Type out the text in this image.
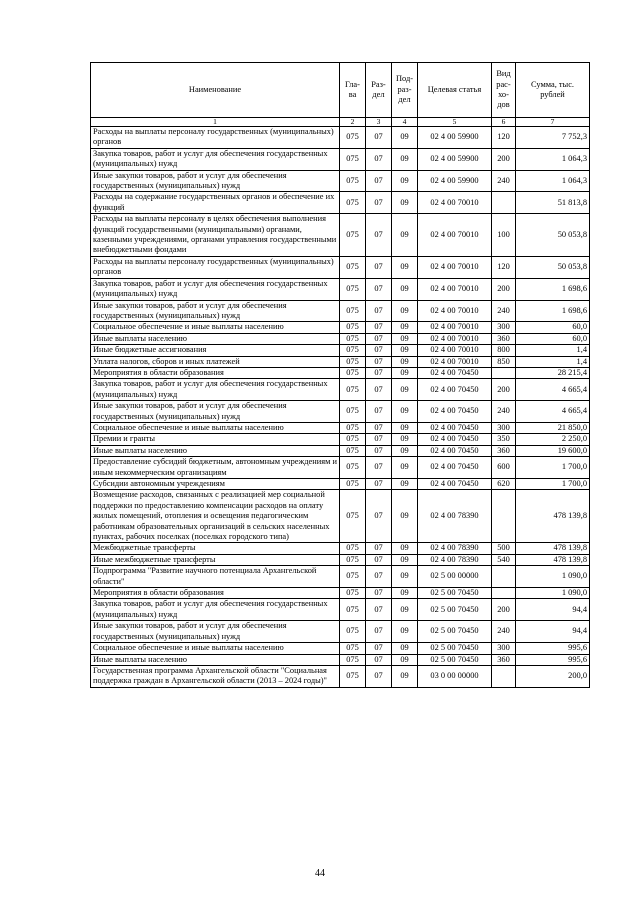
Наименование	Гла-ва	Раз-дел	Под-раз-дел	Целевая статья	Вид рас-хо-дов	Сумма, тыс. рублей
1	2	3	4	5	6	7
Расходы на выплаты персоналу государственных (муниципальных) органов	075	07	09	02 4 00 59900	120	7 752,3
Закупка товаров, работ и услуг для обеспечения государственных (муниципальных) нужд	075	07	09	02 4 00 59900	200	1 064,3
Иные закупки товаров, работ и услуг для обеспечения государственных (муниципальных) нужд	075	07	09	02 4 00 59900	240	1 064,3
Расходы на содержание государственных органов и обеспечение их функций	075	07	09	02 4 00 70010		51 813,8
Расходы на выплаты персоналу в целях обеспечения выполнения функций государственными (муниципальными) органами, казенными учреждениями, органами управления государственными внебюджетными фондами	075	07	09	02 4 00 70010	100	50 053,8
Расходы на выплаты персоналу государственных (муниципальных) органов	075	07	09	02 4 00 70010	120	50 053,8
Закупка товаров, работ и услуг для обеспечения государственных (муниципальных) нужд	075	07	09	02 4 00 70010	200	1 698,6
Иные закупки товаров, работ и услуг для обеспечения государственных (муниципальных) нужд	075	07	09	02 4 00 70010	240	1 698,6
Социальное обеспечение и иные выплаты населению	075	07	09	02 4 00 70010	300	60,0
Иные выплаты населению	075	07	09	02 4 00 70010	360	60,0
Иные бюджетные ассигнования	075	07	09	02 4 00 70010	800	1,4
Уплата налогов, сборов и иных платежей	075	07	09	02 4 00 70010	850	1,4
Мероприятия в области образования	075	07	09	02 4 00 70450		28 215,4
Закупка товаров, работ и услуг для обеспечения государственных (муниципальных) нужд	075	07	09	02 4 00 70450	200	4 665,4
Иные закупки товаров, работ и услуг для обеспечения государственных (муниципальных) нужд	075	07	09	02 4 00 70450	240	4 665,4
Социальное обеспечение и иные выплаты населению	075	07	09	02 4 00 70450	300	21 850,0
Премии и гранты	075	07	09	02 4 00 70450	350	2 250,0
Иные выплаты населению	075	07	09	02 4 00 70450	360	19 600,0
Предоставление субсидий бюджетным, автономным учреждениям и иным некоммерческим организациям	075	07	09	02 4 00 70450	600	1 700,0
Субсидии автономным учреждениям	075	07	09	02 4 00 70450	620	1 700,0
Возмещение расходов, связанных с реализацией мер социальной поддержки по предоставлению компенсации расходов на оплату жилых помещений, отопления и освещения педагогическим работникам образовательных организаций в сельских населенных пунктах, рабочих поселках (поселках городского типа)	075	07	09	02 4 00 78390		478 139,8
Межбюджетные трансферты	075	07	09	02 4 00 78390	500	478 139,8
Иные межбюджетные трансферты	075	07	09	02 4 00 78390	540	478 139,8
Подпрограмма "Развитие научного потенциала Архангельской области"	075	07	09	02 5 00 00000		1 090,0
Мероприятия в области образования	075	07	09	02 5 00 70450		1 090,0
Закупка товаров, работ и услуг для обеспечения государственных (муниципальных) нужд	075	07	09	02 5 00 70450	200	94,4
Иные закупки товаров, работ и услуг для обеспечения государственных (муниципальных) нужд	075	07	09	02 5 00 70450	240	94,4
Социальное обеспечение и иные выплаты населению	075	07	09	02 5 00 70450	300	995,6
Иные выплаты населению	075	07	09	02 5 00 70450	360	995,6
Государственная программа Архангельской области "Социальная поддержка граждан в Архангельской области (2013 – 2024 годы)"	075	07	09	03 0 00 00000		200,0
44
